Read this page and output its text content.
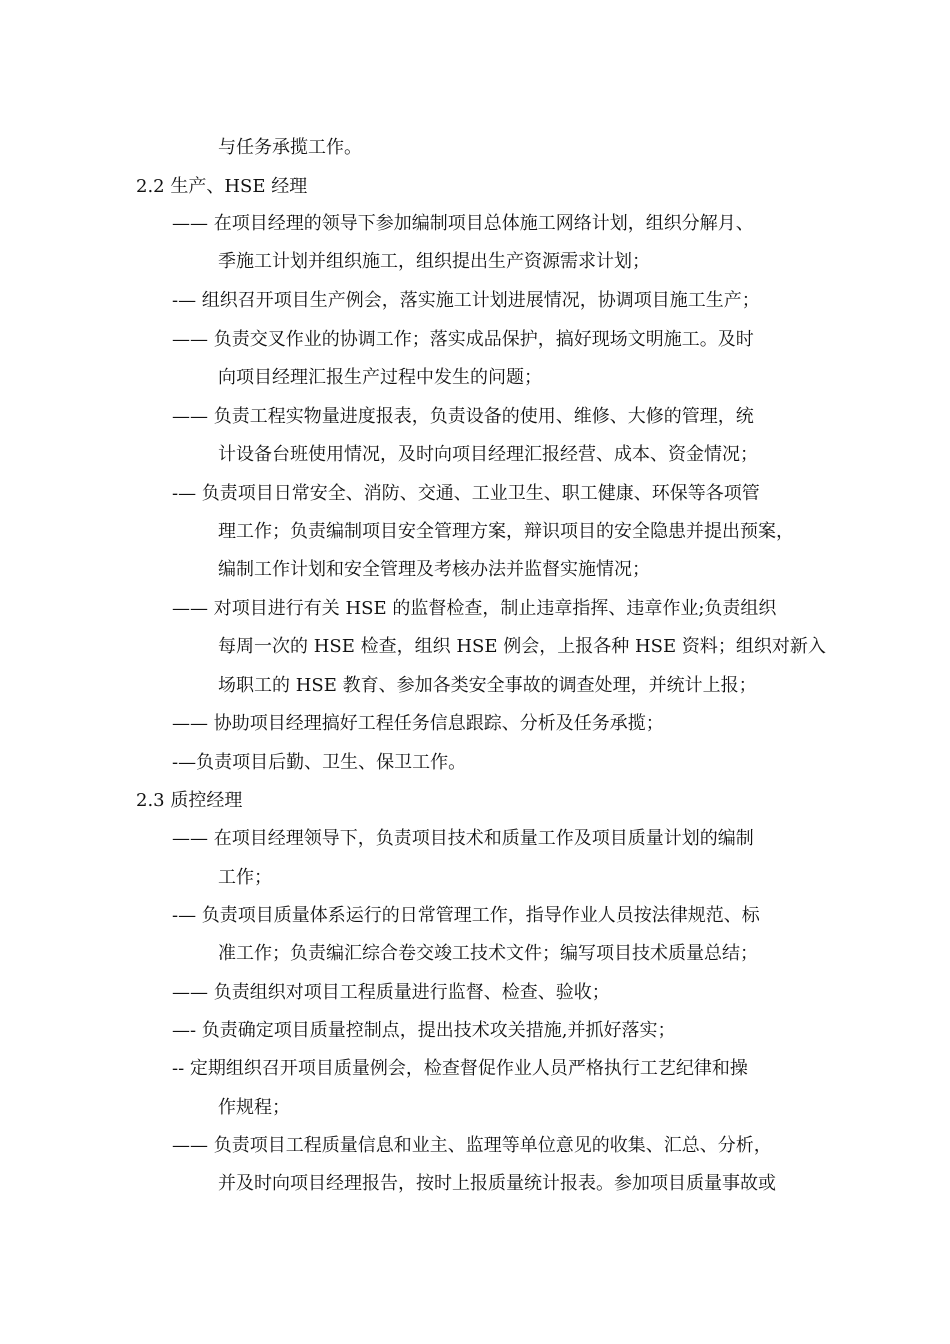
与任务承揽工作。
2.2 生产、HSE 经理
—— 在项目经理的领导下参加编制项目总体施工网络计划，组织分解月、
季施工计划并组织施工，组织提出生产资源需求计划；
-— 组织召开项目生产例会，落实施工计划进展情况，协调项目施工生产；
—— 负责交叉作业的协调工作；落实成品保护，搞好现场文明施工。及时
向项目经理汇报生产过程中发生的问题；
—— 负责工程实物量进度报表，负责设备的使用、维修、大修的管理，统
计设备台班使用情况，及时向项目经理汇报经营、成本、资金情况；
-— 负责项目日常安全、消防、交通、工业卫生、职工健康、环保等各项管
理工作；负责编制项目安全管理方案，辩识项目的安全隐患并提出预案，
编制工作计划和安全管理及考核办法并监督实施情况；
—— 对项目进行有关 HSE 的监督检查，制止违章指挥、违章作业;负责组织
每周一次的 HSE 检查，组织 HSE 例会，上报各种 HSE 资料；组织对新入
场职工的 HSE 教育、参加各类安全事故的调查处理，并统计上报；
—— 协助项目经理搞好工程任务信息跟踪、分析及任务承揽；
-—负责项目后勤、卫生、保卫工作。
2.3 质控经理
—— 在项目经理领导下，负责项目技术和质量工作及项目质量计划的编制
工作；
-— 负责项目质量体系运行的日常管理工作，指导作业人员按法律规范、标
准工作；负责编汇综合卷交竣工技术文件；编写项目技术质量总结；
—— 负责组织对项目工程质量进行监督、检查、验收；
—- 负责确定项目质量控制点，提出技术攻关措施,并抓好落实；
-- 定期组织召开项目质量例会，检查督促作业人员严格执行工艺纪律和操
作规程；
—— 负责项目工程质量信息和业主、监理等单位意见的收集、汇总、分析，
并及时向项目经理报告，按时上报质量统计报表。参加项目质量事故或
